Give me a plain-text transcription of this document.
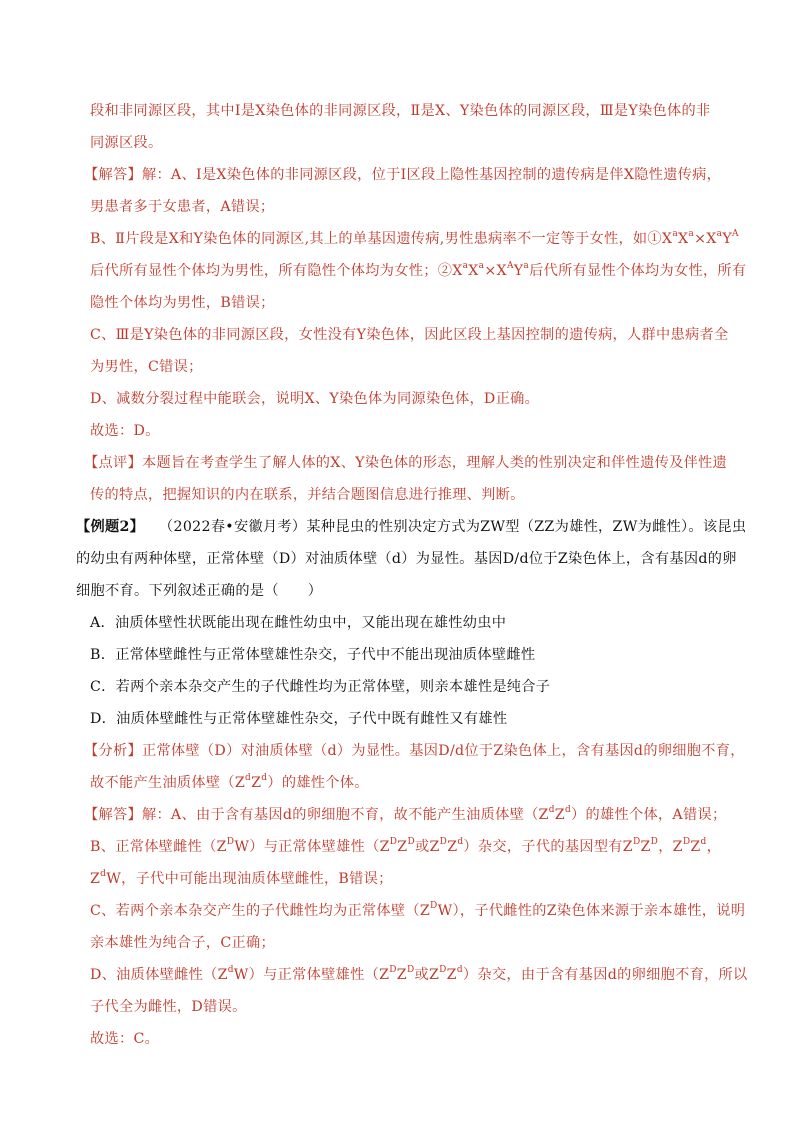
段和非同源区段，其中Ⅰ是X染色体的非同源区段，Ⅱ是X、Y染色体的同源区段，Ⅲ是Y染色体的非
同源区段。
【解答】解：A、Ⅰ是X染色体的非同源区段，位于Ⅰ区段上隐性基因控制的遗传病是伴X隐性遗传病，
男患者多于女患者，A错误；
B、Ⅱ片段是X和Y染色体的同源区,其上的单基因遗传病,男性患病率不一定等于女性，如$①X^aX^a\times X^aY^A$
后代所有显性个体均为男性，所有隐性个体均为女性；$②X^aX^a\times X^AY^a$后代所有显性个体均为女性，所有
隐性个体均为男性，B错误；
C、Ⅲ是Y染色体的非同源区段，女性没有Y染色体，因此区段上基因控制的遗传病，人群中患病者全
为男性，C错误；
D、减数分裂过程中能联会，说明X、Y染色体为同源染色体，D正确。
故选：D。
【点评】本题旨在考查学生了解人体的X、Y染色体的形态，理解人类的性别决定和伴性遗传及伴性遗
传的特点，把握知识的内在联系，并结合题图信息进行推理、判断。
【例题2】 （2022春•安徽月考）某种昆虫的性别决定方式为ZW型（ZZ为雄性，ZW为雌性）。该昆虫
的幼虫有两种体壁，正常体壁（D）对油质体壁（d）为显性。基因D/d位于Z染色体上，含有基因d的卵
细胞不育。下列叙述正确的是（　　）
A．油质体壁性状既能出现在雌性幼虫中，又能出现在雄性幼虫中
B．正常体壁雌性与正常体壁雄性杂交，子代中不能出现油质体壁雌性
C．若两个亲本杂交产生的子代雌性均为正常体壁，则亲本雄性是纯合子
D．油质体壁雌性与正常体壁雄性杂交，子代中既有雌性又有雄性
【分析】正常体壁（D）对油质体壁（d）为显性。基因D/d位于Z染色体上，含有基因d的卵细胞不育，
故不能产生油质体壁$(Z^dZ^d)$的雄性个体。
【解答】解：A、由于含有基因d的卵细胞不育，故不能产生油质体壁$(Z^dZ^d)$的雄性个体，A错误；
B、正常体壁雌性$(Z^DW)$与正常体壁雄性（$Z^DZ^D$或$Z^DZ^d$）杂交，子代的基因型有$Z^DZ^D$，$Z^DZ^d$，
$Z^dW$，子代中可能出现油质体壁雌性，B错误；
C、若两个亲本杂交产生的子代雌性均为正常体壁$(Z^DW)$，子代雌性的Z染色体来源于亲本雄性，说明
亲本雄性为纯合子，C正确；
D、油质体壁雌性$(Z^dW)$与正常体壁雄性（$Z^DZ^D$或$Z^DZ^d$）杂交，由于含有基因d的卵细胞不育，所以
子代全为雌性，D错误。
故选：C。
